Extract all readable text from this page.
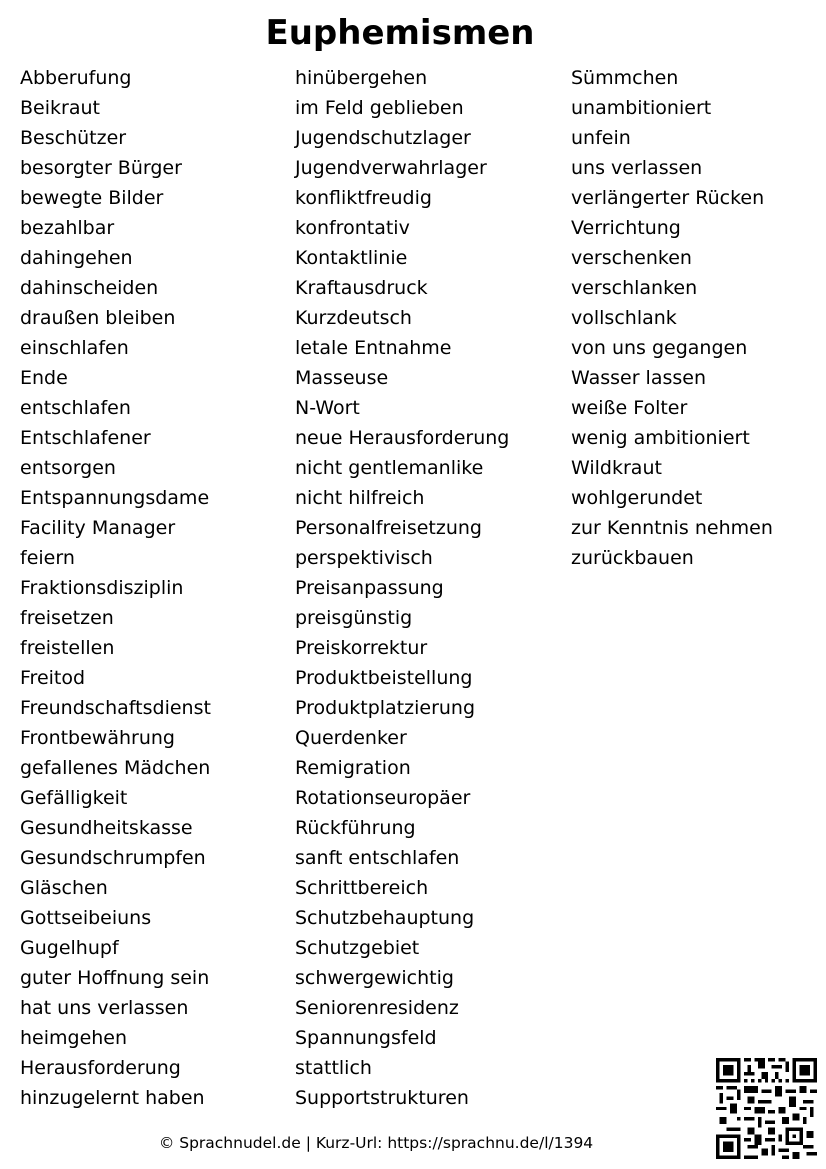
Euphemismen
Abberufung
Beikraut
Beschützer
besorgter Bürger
bewegte Bilder
bezahlbar
dahingehen
dahinscheiden
draußen bleiben
einschlafen
Ende
entschlafen
Entschlafener
entsorgen
Entspannungsdame
Facility Manager
feiern
Fraktionsdisziplin
freisetzen
freistellen
Freitod
Freundschaftsdienst
Frontbewährung
gefallenes Mädchen
Gefälligkeit
Gesundheitskasse
Gesundschrumpfen
Gläschen
Gottseibeiuns
Gugelhupf
guter Hoffnung sein
hat uns verlassen
heimgehen
Herausforderung
hinzugelernt haben
hinübergehen
im Feld geblieben
Jugendschutzlager
Jugendverwahrlager
konfliktfreudig
konfrontativ
Kontaktlinie
Kraftausdruck
Kurzdeutsch
letale Entnahme
Masseuse
N-Wort
neue Herausforderung
nicht gentlemanlike
nicht hilfreich
Personalfreisetzung
perspektivisch
Preisanpassung
preisgünstig
Preiskorrektur
Produktbeistellung
Produktplatzierung
Querdenker
Remigration
Rotationseuropäer
Rückführung
sanft entschlafen
Schrittbereich
Schutzbehauptung
Schutzgebiet
schwergewichtig
Seniorenresidenz
Spannungsfeld
stattlich
Supportstrukturen
Sümmchen
unambitioniert
unfein
uns verlassen
verlängerter Rücken
Verrichtung
verschenken
verschlanken
vollschlank
von uns gegangen
Wasser lassen
weiße Folter
wenig ambitioniert
Wildkraut
wohlgerundet
zur Kenntnis nehmen
zurückbauen
© Sprachnudel.de | Kurz-Url: https://sprachnu.de/l/1394
